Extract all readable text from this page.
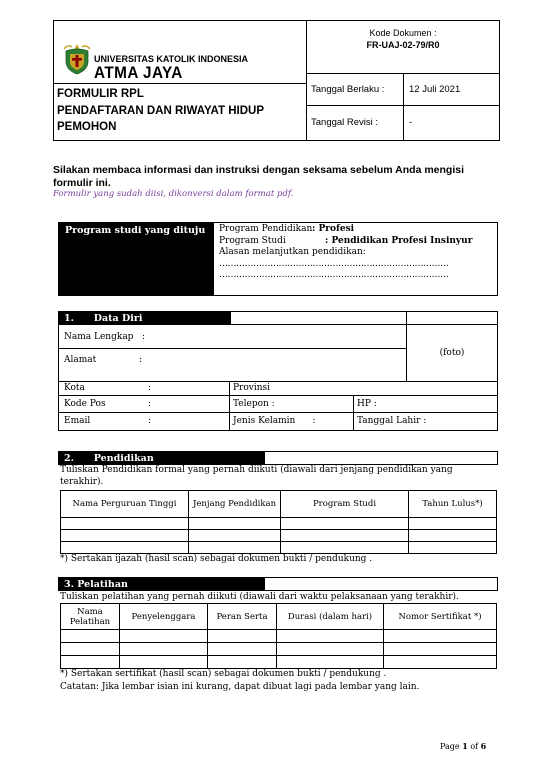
UNIVERSITAS KATOLIK INDONESIA
ATMA JAYA
FORMULIR RPL
PENDAFTARAN DAN RIWAYAT HIDUP
PEMOHON
Kode Dokumen :
FR-UAJ-02-79/R0
Tanggal Berlaku :	12 Juli 2021
Tanggal Revisi :	-
Silakan membaca informasi dan instruksi dengan seksama sebelum Anda mengisi
formulir ini.
Formulir yang sudah diisi, dikonversi dalam format pdf.
Program studi yang dituju	Program Pendidikan: Profesi
Program Studi	: Pendidikan Profesi Insinyur
Alasan melanjutkan pendidikan:
………………………………………………………………………
………………………………………………………………………
1.      Data Diri
Nama Lengkap   :
Alamat               :
(foto)
Kota	:	Provinsi
Kode Pos	:	Telepon :	HP :
Email	:	Jenis Kelamin      :	Tanggal Lahir :
2.      Pendidikan
Tuliskan Pendidikan formal yang pernah diikuti (diawali dari jenjang pendidikan yang
terakhir).
Nama Perguruan Tinggi	Jenjang Pendidikan	Program Studi	Tahun Lulus*)

*) Sertakan ijazah (hasil scan) sebagai dokumen bukti / pendukung .
3. Pelatihan
Tuliskan pelatihan yang pernah diikuti (diawali dari waktu pelaksanaan yang terakhir).
Nama Pelatihan	Penyelenggara	Peran Serta	Durasi (dalam hari)	Nomor Sertifikat *)

*) Sertakan sertifikat (hasil scan) sebagai dokumen bukti / pendukung .
Catatan: Jika lembar isian ini kurang, dapat dibuat lagi pada lembar yang lain.
Page 1 of 6
